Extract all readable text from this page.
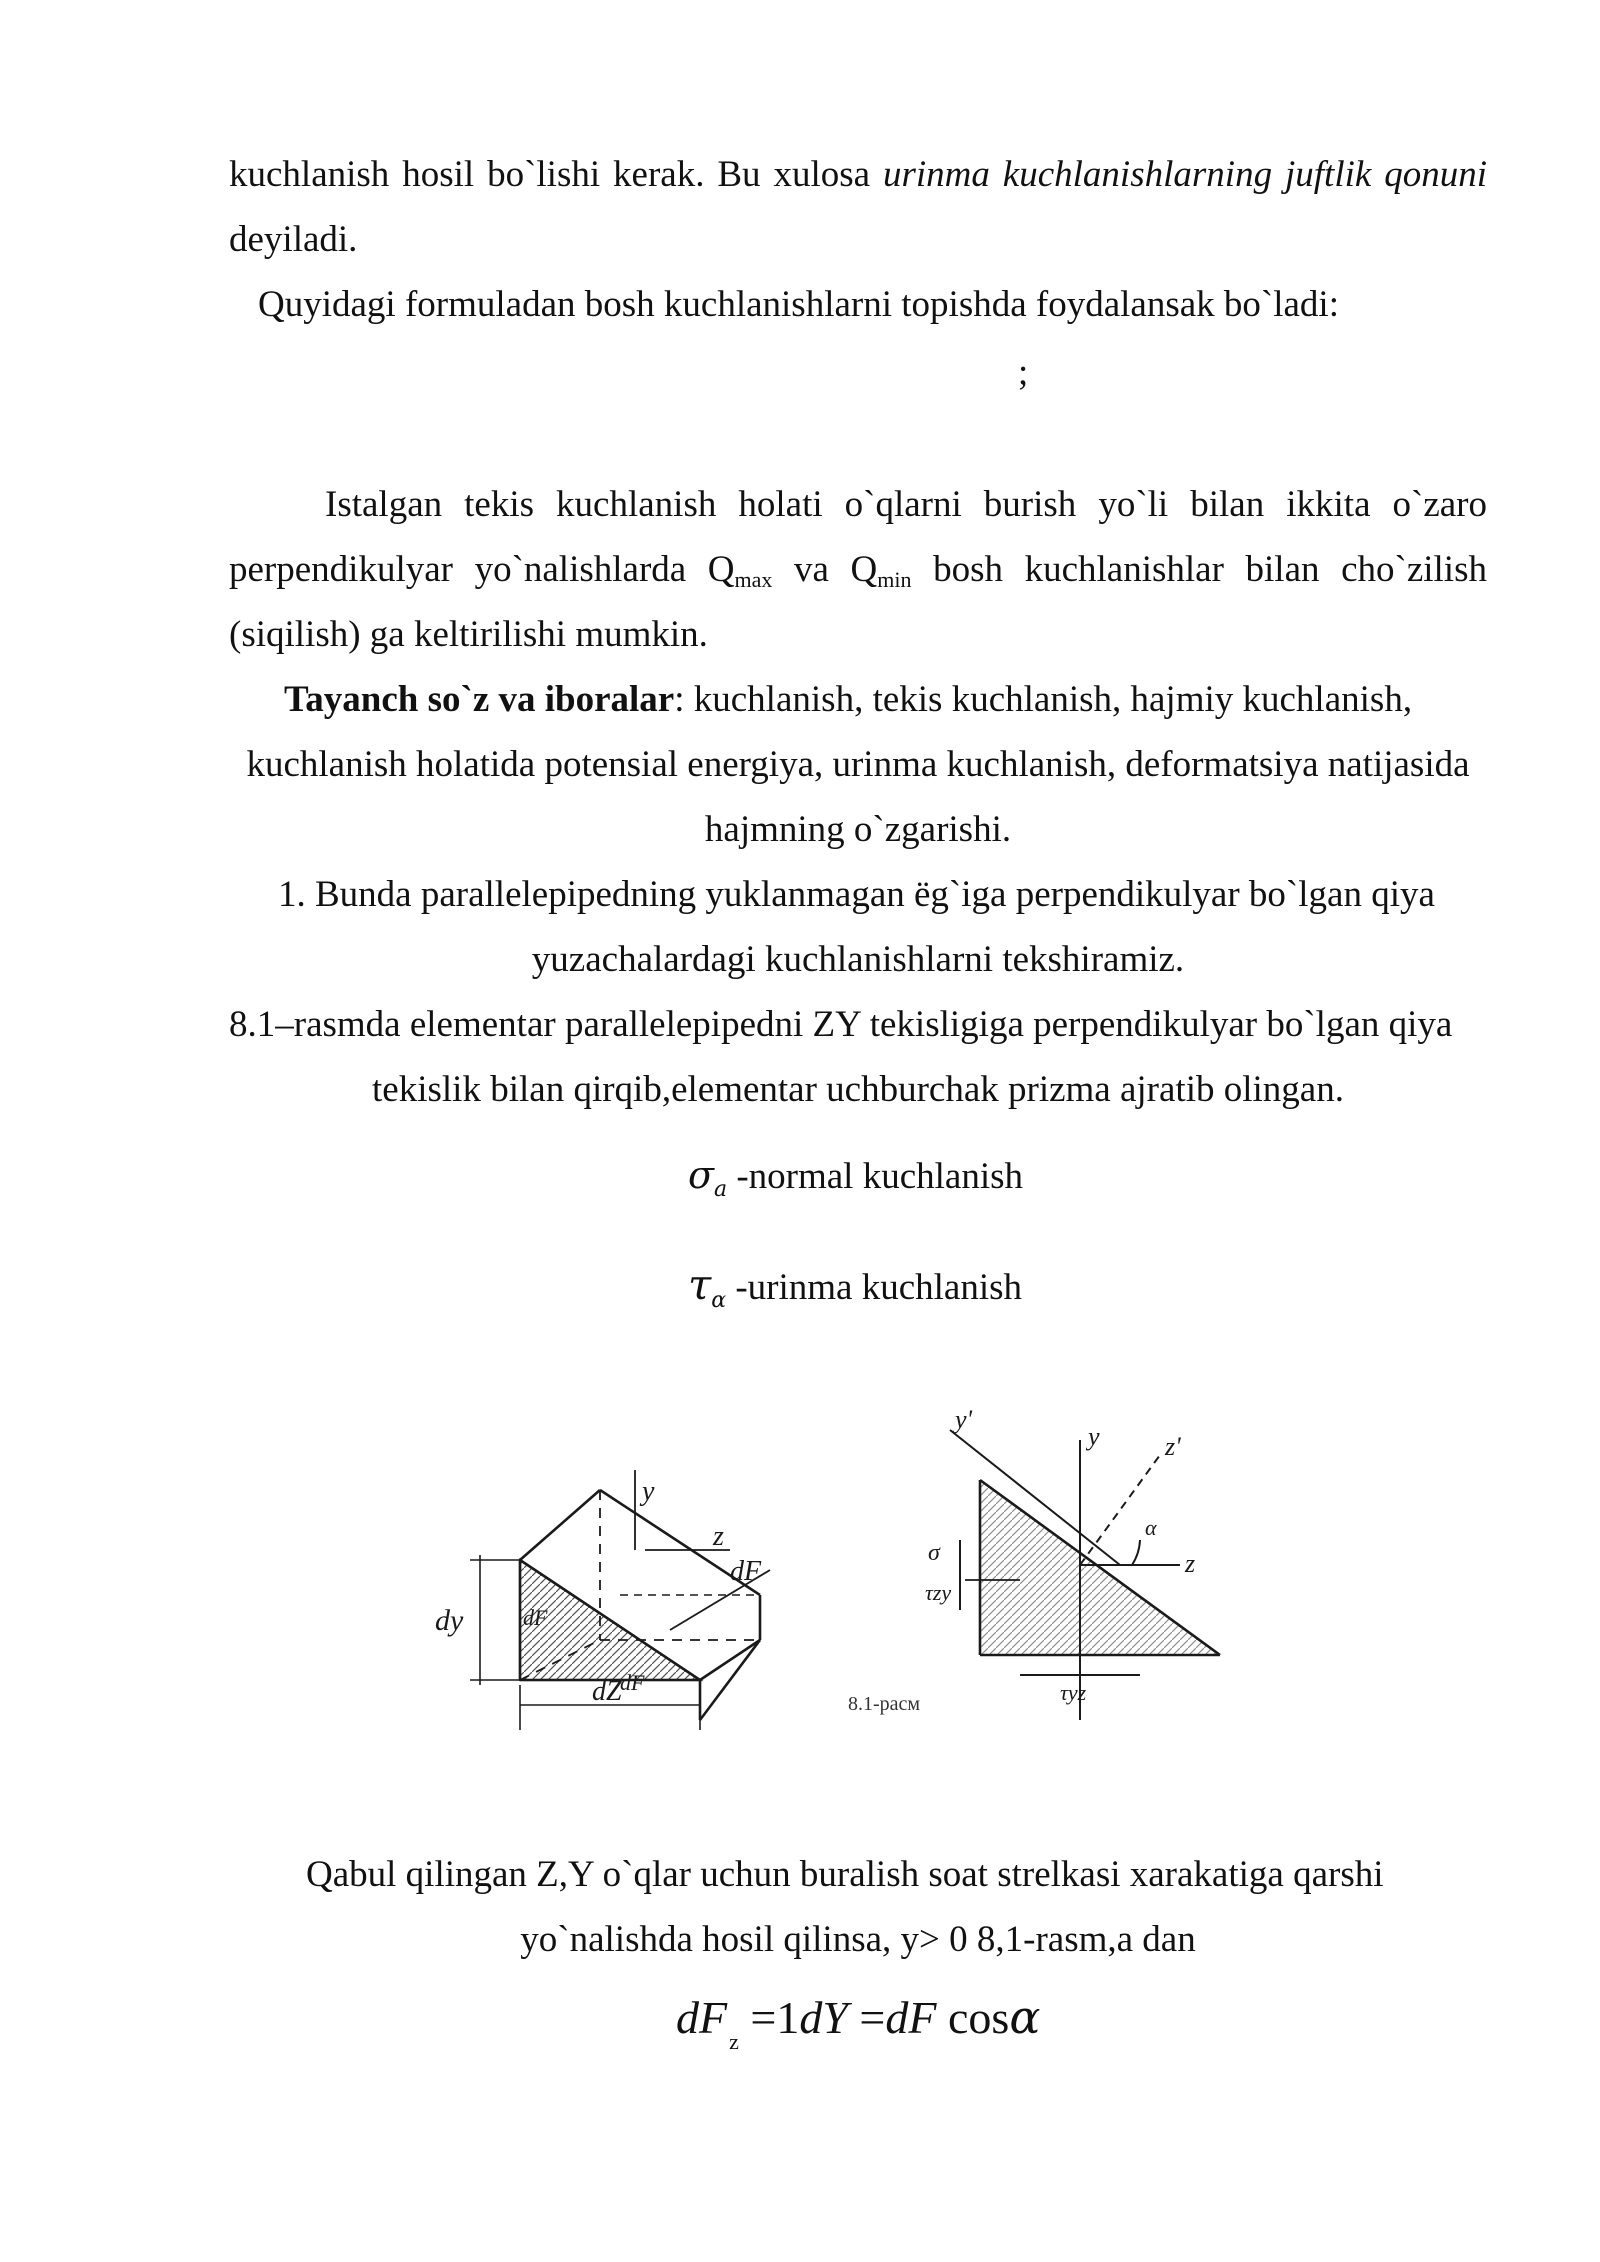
kuchlanish hosil bo`lishi kerak. Bu xulosa urinma kuchlanishlarning juftlik qonuni
deyiladi.
Quyidagi formuladan bosh kuchlanishlarni topishda foydalansak bo`ladi:
;
Istalgan tekis kuchlanish holati o`qlarni burish yo`li bilan ikkita o`zaro
perpendikulyar yo`nalishlarda Qmax va Qmin bosh kuchlanishlar bilan cho`zilish
(siqilish) ga keltirilishi mumkin.
Tayanch so`z va iboralar: kuchlanish, tekis kuchlanish, hajmiy kuchlanish,
kuchlanish holatida potensial energiya, urinma kuchlanish, deformatsiya natijasida
hajmning o`zgarishi.
1. Bunda parallelepipedning yuklanmagan ёg`iga perpendikulyar bo`lgan qiya
yuzachalardagi kuchlanishlarni tekshiramiz.
8.1–rasmda elementar parallelepipedni ZY tekisligiga perpendikulyar bo`lgan qiya
tekislik bilan qirqib,elementar uchburchak prizma ajratib olingan.
$\sigma_a$ -normal kuchlanish
$\tau_\alpha$ -urinma kuchlanish
y
z
dF
dF
dF
dy
dZ
y'
y	z'
z
α
τzy
τyz
σ
8.1-расм
Qabul qilingan Z,Y o`qlar uchun buralish soat strelkasi xarakatiga qarshi
yo`nalishda hosil qilinsa, y> 0 8,1-rasm,a dan
$dF_z =1dY =dF$ cosα
